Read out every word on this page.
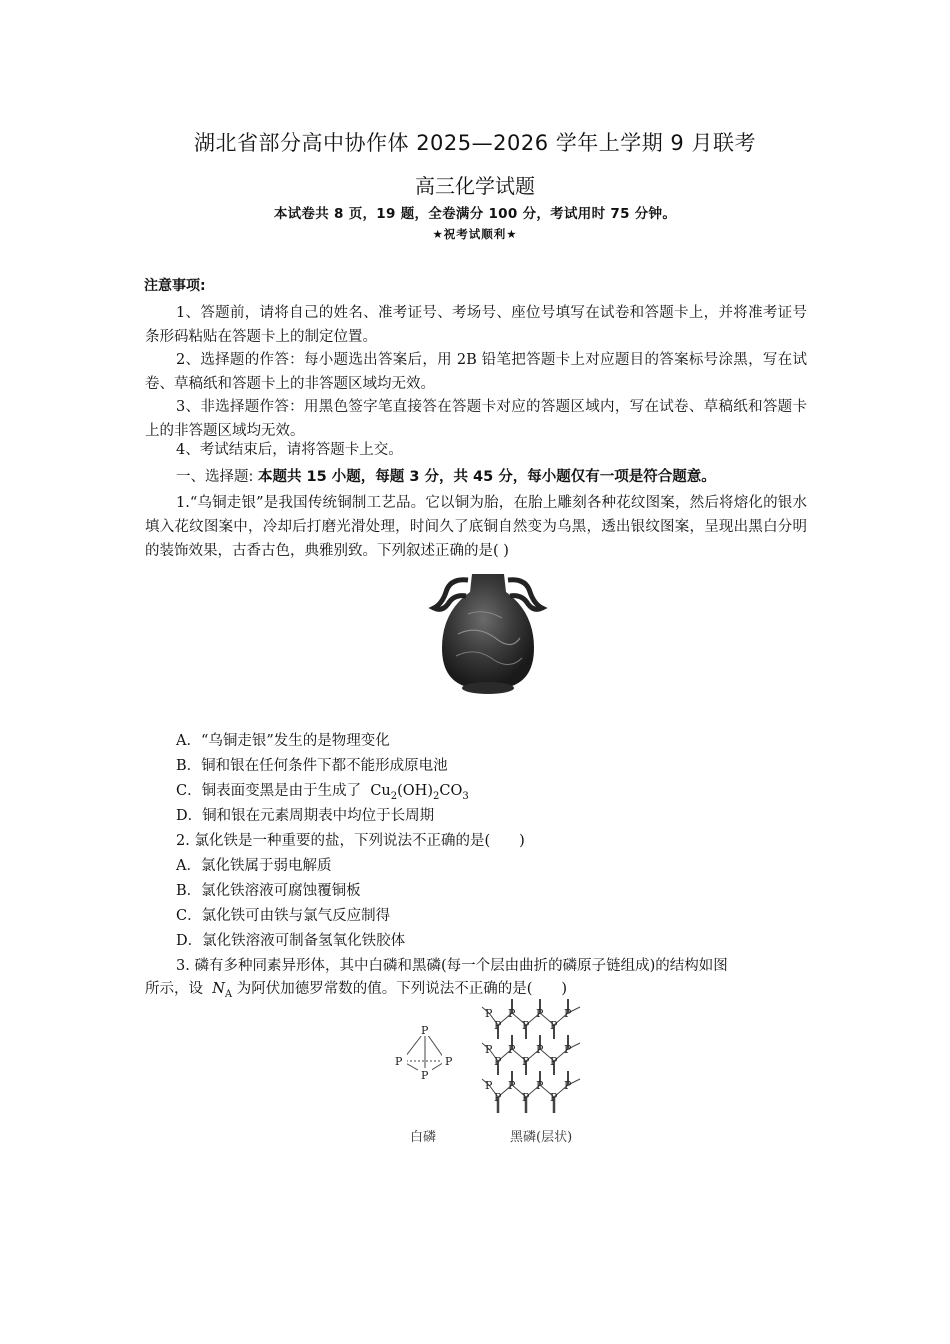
湖北省部分高中协作体 2025—2026 学年上学期 9 月联考
高三化学试题
本试卷共 8 页，19 题，全卷满分 100 分，考试用时 75 分钟。
★祝考试顺利★
注意事项:
1、答题前，请将自己的姓名、准考证号、考场号、座位号填写在试卷和答题卡上，并将准考证号条形码粘贴在答题卡上的制定位置。
2、选择题的作答：每小题选出答案后，用 2B 铅笔把答题卡上对应题目的答案标号涂黑，写在试卷、草稿纸和答题卡上的非答题区域均无效。
3、非选择题作答：用黑色签字笔直接答在答题卡对应的答题区域内，写在试卷、草稿纸和答题卡上的非答题区域均无效。
4、考试结束后，请将答题卡上交。
一、选择题: 本题共 15 小题，每题 3 分，共 45 分，每小题仅有一项是符合题意。
1.“乌铜走银”是我国传统铜制工艺品。它以铜为胎，在胎上雕刻各种花纹图案，然后将熔化的银水填入花纹图案中，冷却后打磨光滑处理，时间久了底铜自然变为乌黑，透出银纹图案，呈现出黑白分明的装饰效果，古香古色，典雅别致。下列叙述正确的是( )
A．“乌铜走银”发生的是物理变化
B．铜和银在任何条件下都不能形成原电池
C．铜表面变黑是由于生成了 $Cu_2(OH)_2CO_3$
D．铜和银在元素周期表中均位于长周期
2. 氯化铁是一种重要的盐，下列说法不正确的是(　　)
A．氯化铁属于弱电解质
B．氯化铁溶液可腐蚀覆铜板
C．氯化铁可由铁与氯气反应制得
D．氯化铁溶液可制备氢氧化铁胶体
3. 磷有多种同素异形体，其中白磷和黑磷(每一个层由曲折的磷原子链组成)的结构如图
所示，设 $N_A$ 为阿伏加德罗常数的值。下列说法不正确的是(　　)
P
P	P
P
白磷
P P P P
P P P
P P P P
P P P
P P P P
P P P
黑磷(层状)
